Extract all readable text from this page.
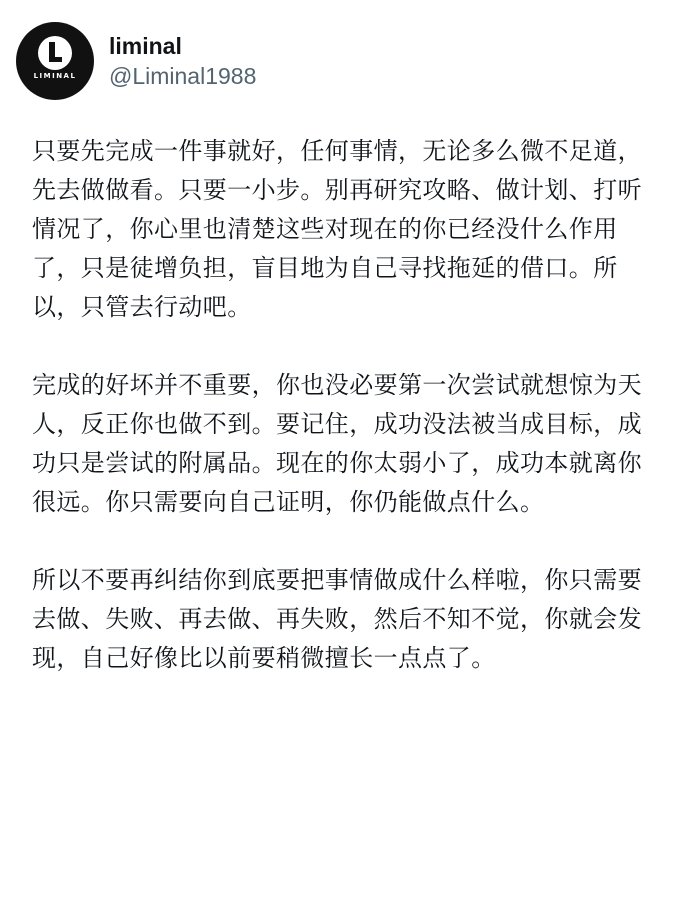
LIMINAL
liminal
@Liminal1988

只要先完成一件事就好，任何事情，无论多么微不足道，先去做做看。只要一小步。别再研究攻略、做计划、打听情况了，你心里也清楚这些对现在的你已经没什么作用了，只是徒增负担，盲目地为自己寻找拖延的借口。所以，只管去行动吧。

完成的好坏并不重要，你也没必要第一次尝试就想惊为天人，反正你也做不到。要记住，成功没法被当成目标，成功只是尝试的附属品。现在的你太弱小了，成功本就离你很远。你只需要向自己证明，你仍能做点什么。

所以不要再纠结你到底要把事情做成什么样啦，你只需要去做、失败、再去做、再失败，然后不知不觉，你就会发现，自己好像比以前要稍微擅长一点点了。
